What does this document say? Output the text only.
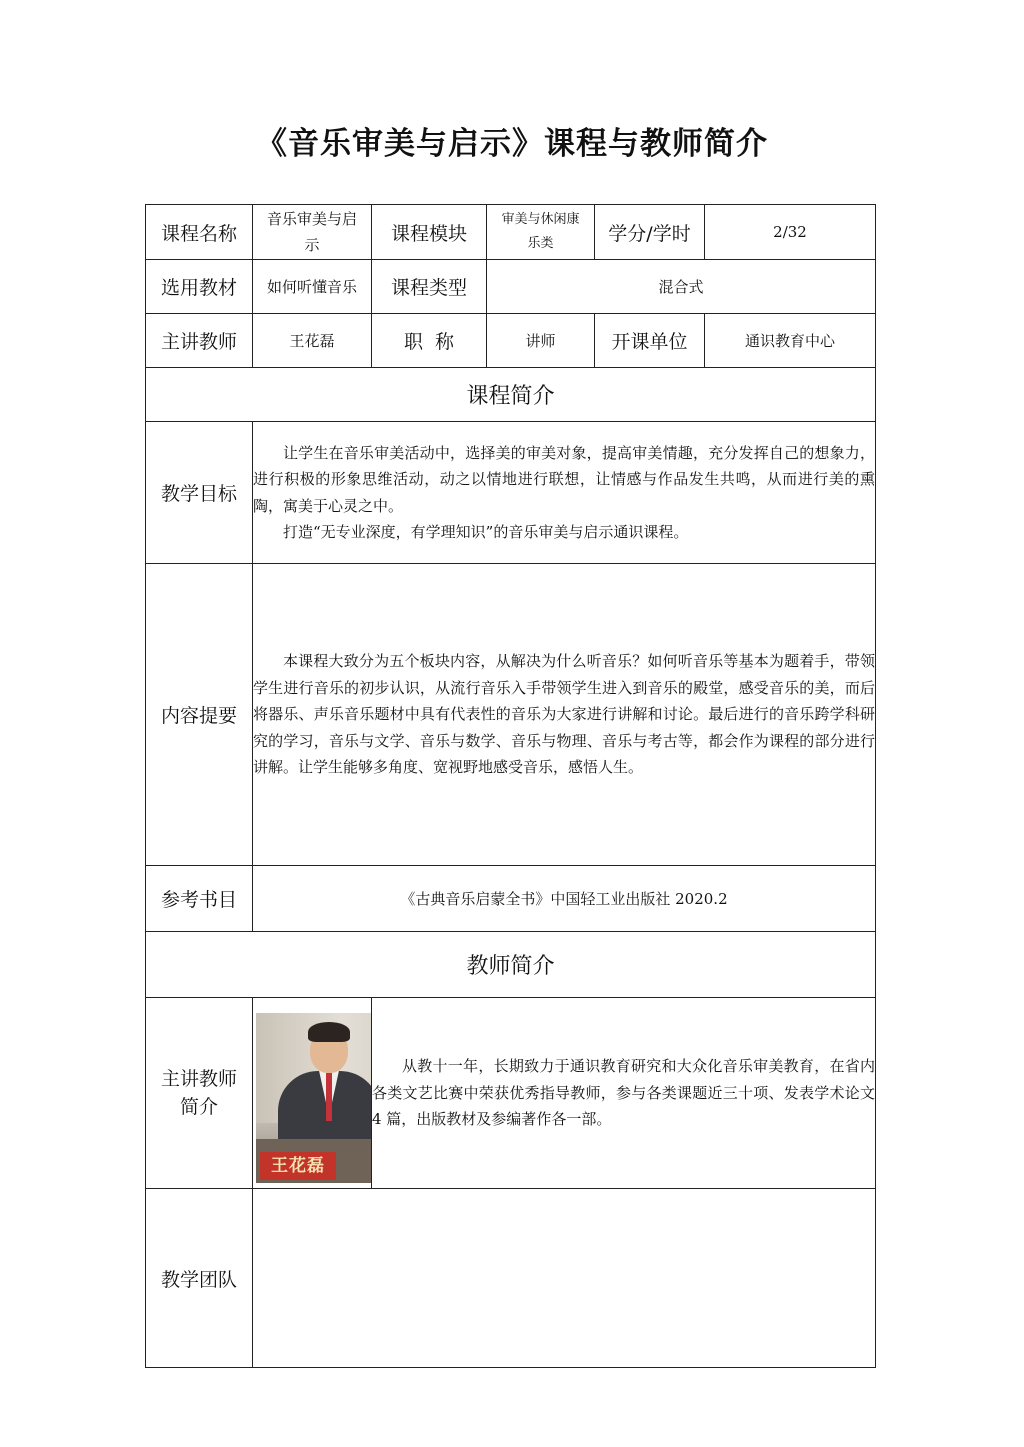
《音乐审美与启示》课程与教师简介
课程名称	音乐审美与启示	课程模块	审美与休闲康乐类	学分/学时	2/32
选用教材	如何听懂音乐	课程类型	混合式		
主讲教师	王花磊	职  称	讲师	开课单位	通识教育中心
课程简介					
教学目标	让学生在音乐审美活动中，选择美的审美对象，提高审美情趣，充分发挥自己的想象力，进行积极的形象思维活动，动之以情地进行联想，让情感与作品发生共鸣，从而进行美的熏陶，寓美于心灵之中。

打造“无专业深度，有学理知识”的音乐审美与启示通识课程。				

内容提要	本课程大致分为五个板块内容，从解决为什么听音乐？如何听音乐等基本为题着手，带领学生进行音乐的初步认识，从流行音乐入手带领学生进入到音乐的殿堂，感受音乐的美，而后将器乐、声乐音乐题材中具有代表性的音乐为大家进行讲解和讨论。最后进行的音乐跨学科研究的学习，音乐与文学、音乐与数学、音乐与物理、音乐与考古等，都会作为课程的部分进行讲解。让学生能够多角度、宽视野地感受音乐，感悟人生。				

参考书目	《古典音乐启蒙全书》中国轻工业出版社 2020.2				
教师简介					
主讲教师简介	王花磊	从教十一年，长期致力于通识教育研究和大众化音乐审美教育，在省内各类文艺比赛中荣获优秀指导教师，参与各类课题近三十项、发表学术论文 4 篇，出版教材及参编著作各一部。			

教学团队					
